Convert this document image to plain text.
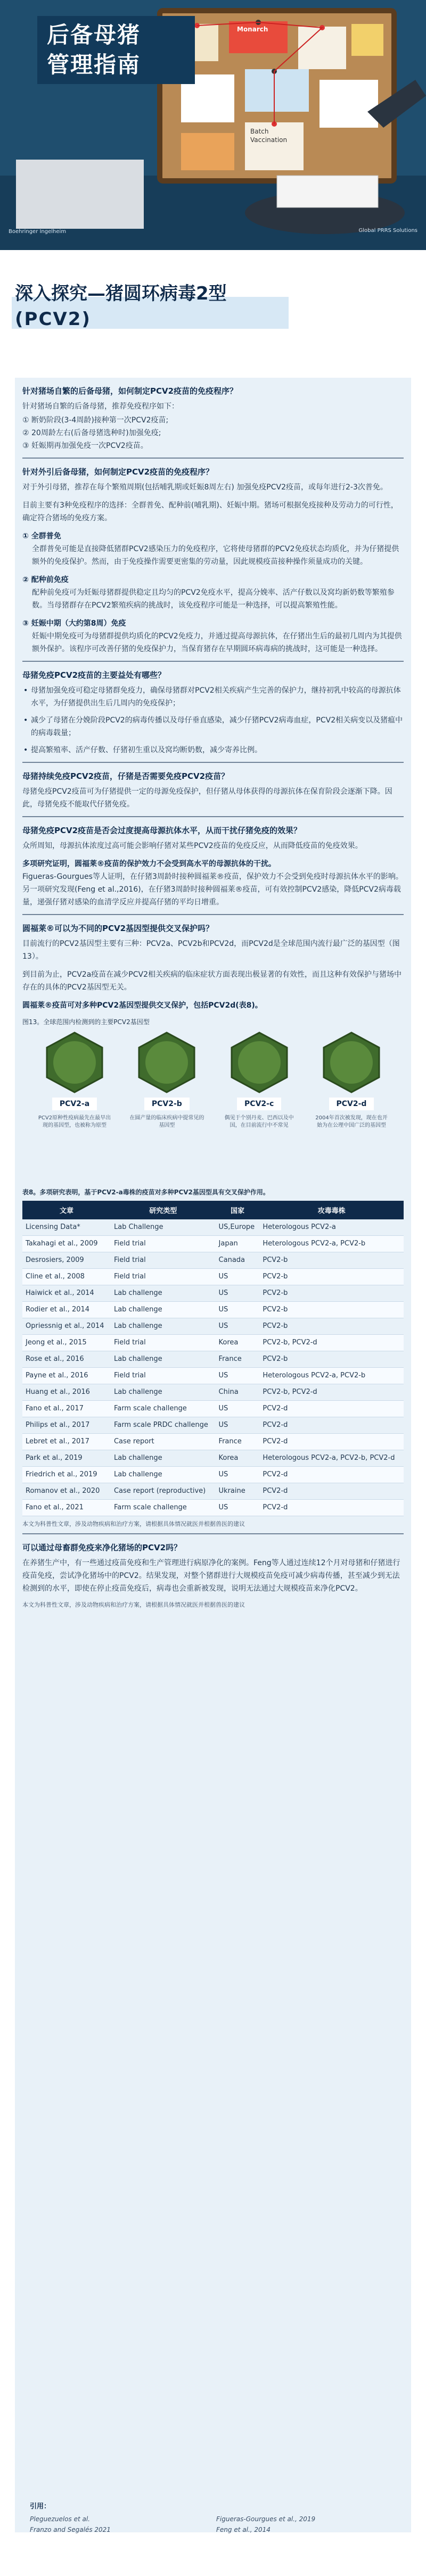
后备母猪
管理指南
Monarch
Batch
Vaccination
Boehringer Ingelheim	Global PRRS Solutions
深入探究—猪圆环病毒2型
(PCV2)
针对猪场自繁的后备母猪，如何制定PCV2疫苗的免疫程序？
针对猪场自繁的后备母猪，推荐免疫程序如下：
① 断奶阶段(3-4周龄)接种第一次PCV2疫苗;
② 20周龄左右(后备母猪选种时)加强免疫;
③ 妊娠期再加强免疫一次PCV2疫苗。
针对外引后备母猪，如何制定PCV2疫苗的免疫程序？
对于外引母猪，推荐在每个繁殖周期(包括哺乳期或妊娠8周左右) 加强免疫PCV2疫苗，或每年进行2-3次普免。
目前主要有3种免疫程序的选择：全群普免、配种前(哺乳期)、妊娠中期。猪场可根据免疫接种及劳动力的可行性，确定符合猪场的免疫方案。
① 全群普免
全群普免可能是直接降低猪群PCV2感染压力的免疫程序，它将使母猪群的PCV2免疫状态均质化，并为仔猪提供额外的免疫保护。然而，由于免疫操作需要更密集的劳动量，因此规模疫苗接种操作须量成功的关键。
② 配种前免疫
配种前免疫可为妊娠母猪群提供稳定且均匀的PCV2免疫水平，提高分娩率、活产仔数以及窝均新奶数等繁殖参数。当母猪群存在PCV2繁殖疾病的挑战时，该免疫程序可能是一种选择，可以提高繁殖性能。
③ 妊娠中期（大约第8周）免疫
妊娠中期免疫可为母猪群提供均质化的PCV2免疫力，并通过提高母源抗体，在仔猪出生后的最初几周内为其提供额外保护。该程序可改善仔猪的免疫保护力，当保育猪存在早期圆环病毒病的挑战时，这可能是一种选择。
母猪免疫PCV2疫苗的主要益处有哪些？
• 母猪加强免疫可稳定母猪群免疫力，确保母猪群对PCV2相关疾病产生完善的保护力，继持初乳中较高的母源抗体水平，为仔猪提供出生后几周内的免疫保护；
• 减少了母猪在分娩阶段PCV2的病毒传播以及母仔垂直感染，减少仔猪PCV2病毒血症，PCV2相关病变以及猪瘟中的病毒载量；
• 提高繁殖率、活产仔数、仔猪初生重以及窝均断奶数，减少寄养比例。
母猪持续免疫PCV2疫苗，仔猪是否需要免疫PCV2疫苗？
母猪免疫PCV2疫苗可为仔猪提供一定的母源免疫保护，但仔猪从母体获得的母源抗体在保育阶段会逐渐下降。因此，母猪免疫不能取代仔猪免疫。
母猪免疫PCV2疫苗是否会过度提高母源抗体水平，从而干扰仔猪免疫的效果？
众所周知，母源抗体浓度过高可能会影响仔猪对某些PCV2疫苗的免疫反应，从而降低疫苗的免疫效果。
多项研究证明，圆福莱®疫苗的保护效力不会受到高水平的母源抗体的干扰。
Figueras-Gourgues等人证明，在仔猪3周龄时接种圆福莱®疫苗，保护效力不会受到免疫时母源抗体水平的影响。另一项研究发现(Feng et al.,2016)，在仔猪3周龄时接种圆福莱®疫苗，可有效控制PCV2感染，降低PCV2病毒载量，递强仔猪对感染的血清学反应并提高仔猪的平均日增重。
圆福莱®可以为不同的PCV2基因型提供交叉保护吗？
目前流行的PCV2基因型主要有三种：PCV2a、PCV2b和PCV2d，而PCV2d是全球范围内流行最广泛的基因型（图13）。
到目前为止，PCV2a疫苗在减少PCV2相关疾病的临床症状方面表现出极显著的有效性，而且这种有效保护与猪场中存在的具体的PCV2基因型无关。
圆福莱®疫苗可对多种PCV2基因型提供交叉保护，包括PCV2d(表8)。
图13。全球范围内检测到的主要PCV2基因型
PCV2-a
PCV2原种性疫病最先在最早出现的基因型，也被称为原型
PCV2-b
在圆产量的临床疾病中提常见的基因型
PCV2-c
偶见于个别丹麦、巴西以及中国，在目前流行中不常见
PCV2-d
2004年首次被发现，现在也开始为在公理中国广泛的基因型
表8。多项研究表明，基于PCV2-a毒株的疫苗对多种PCV2基因型具有交叉保护作用。
文章	研究类型	国家	攻毒毒株
Licensing Data*	Lab Challenge	US,Europe	Heterologous PCV2-a
Takahagi et al., 2009	Field trial	Japan	Heterologous PCV2-a, PCV2-b
Desrosiers, 2009	Field trial	Canada	PCV2-b
Cline et al., 2008	Field trial	US	PCV2-b
Haiwick et al., 2014	Lab challenge	US	PCV2-b
Rodier et al., 2014	Lab challenge	US	PCV2-b
Opriessnig et al., 2014	Lab challenge	US	PCV2-b
Jeong et al., 2015	Field trial	Korea	PCV2-b, PCV2-d
Rose et al., 2016	Lab challenge	France	PCV2-b
Payne et al., 2016	Field trial	US	Heterologous PCV2-a, PCV2-b
Huang et al., 2016	Lab challenge	China	PCV2-b, PCV2-d
Fano et al., 2017	Farm scale challenge	US	PCV2-d
Philips et al., 2017	Farm scale PRDC challenge	US	PCV2-d
Lebret et al., 2017	Case report	France	PCV2-d
Park et al., 2019	Lab challenge	Korea	Heterologous PCV2-a, PCV2-b, PCV2-d
Friedrich et al., 2019	Lab challenge	US	PCV2-d
Romanov et al., 2020	Case report (reproductive)	Ukraine	PCV2-d
Fano et al., 2021	Farm scale challenge	US	PCV2-d
本文为科普性文章，涉及动物疾病和治疗方案，请根据具体情况就医并根据兽医的建议
可以通过母畜群免疫来净化猪场的PCV2吗？
在养猪生产中，有一些通过疫苗免疫和生产管理进行病原净化的案例。Feng等人通过连续12个月对母猪和仔猪进行疫苗免疫，尝试净化猪场中的PCV2。结果发现，对整个猪群进行大规模疫苗免疫可减少病毒传播，甚至减少到无法检测到的水平，即使在停止疫苗免疫后，病毒也会重新被发现，说明无法通过大规模疫苗来净化PCV2。
本文为科普性文章，涉及动物疾病和治疗方案，请根据具体情况就医并根据兽医的建议
引用：
Pleguezuelos et al.
Franzo and Segalés 2021
Figueras-Gourgues et al., 2019
Feng et al., 2014
